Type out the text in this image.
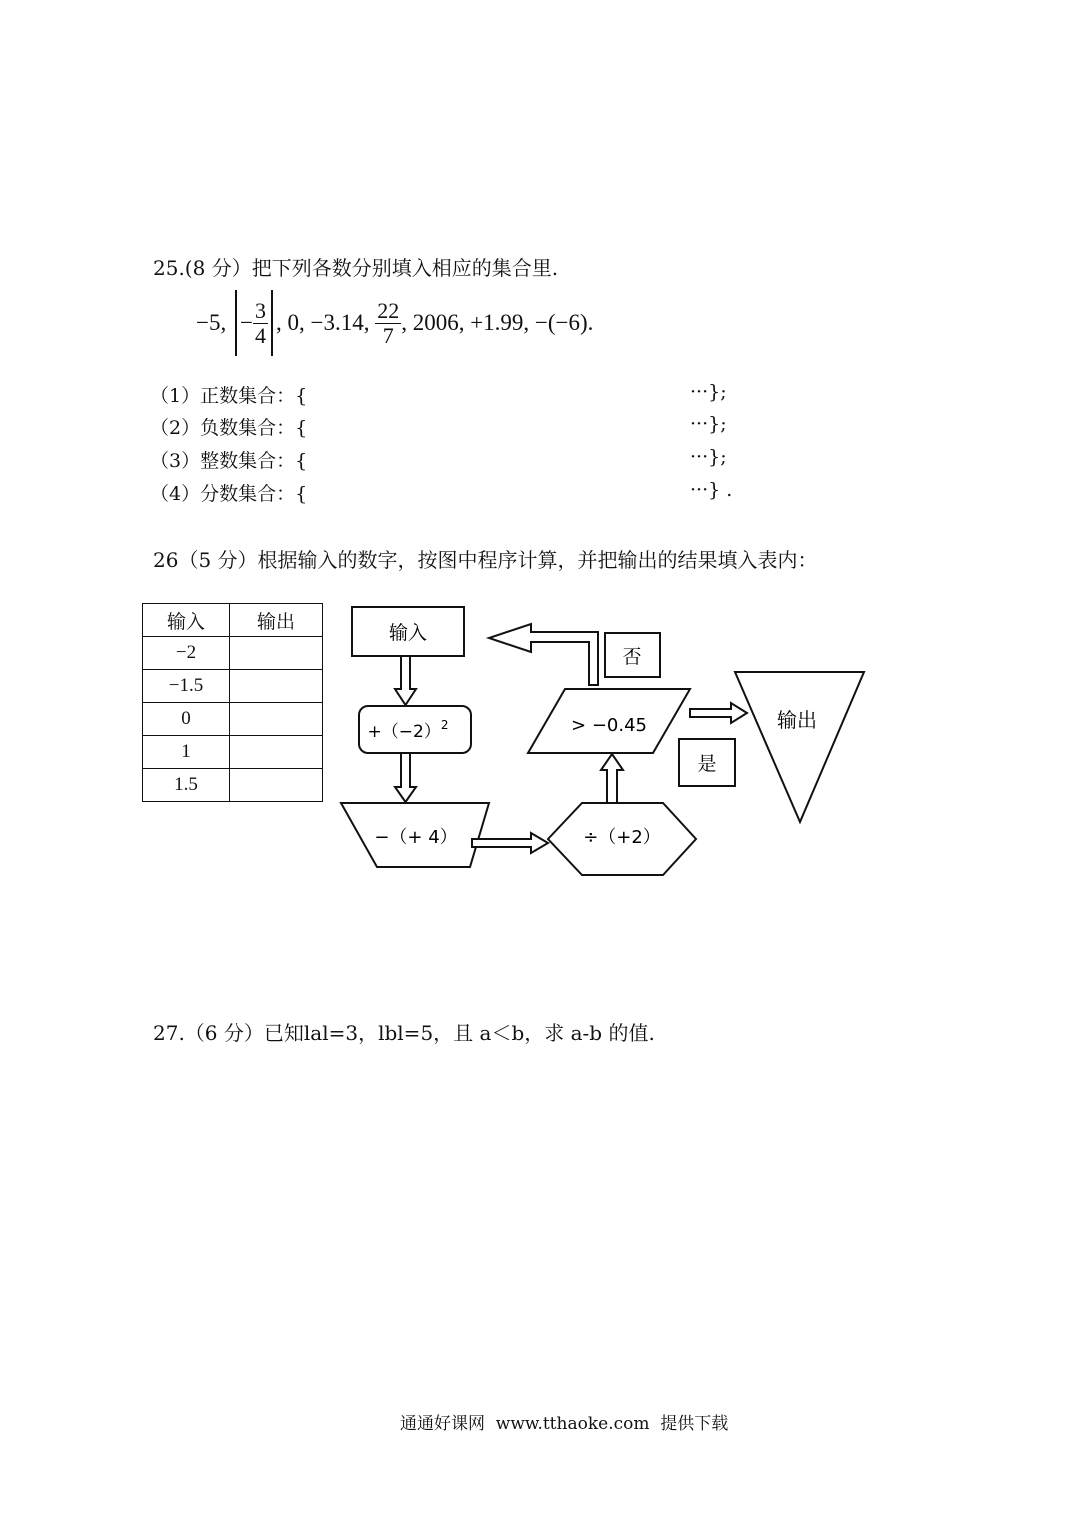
25.(8 分）把下列各数分别填入相应的集合里.
−5, − $\frac{3}{4}$ , 0, −3.14, $\frac{22}{7}$ , 2006, +1.99, −(−6).
（1）正数集合：{	···};
（2）负数集合：{	···};
（3）整数集合：{	···};
（4）分数集合：{	···} .
26（5 分）根据输入的数字，按图中程序计算，并把输出的结果填入表内：
输入	输出
−2	
−1.5	
0	
1	
1.5	
输入
$+(-2)^2$
−（+ 4）	÷（+2）
> −0.45
否
是
输出
27.（6 分）已知lal=3，lbl=5，且 a＜b，求 a-b 的值.
通通好课网  www.tthaoke.com  提供下载
